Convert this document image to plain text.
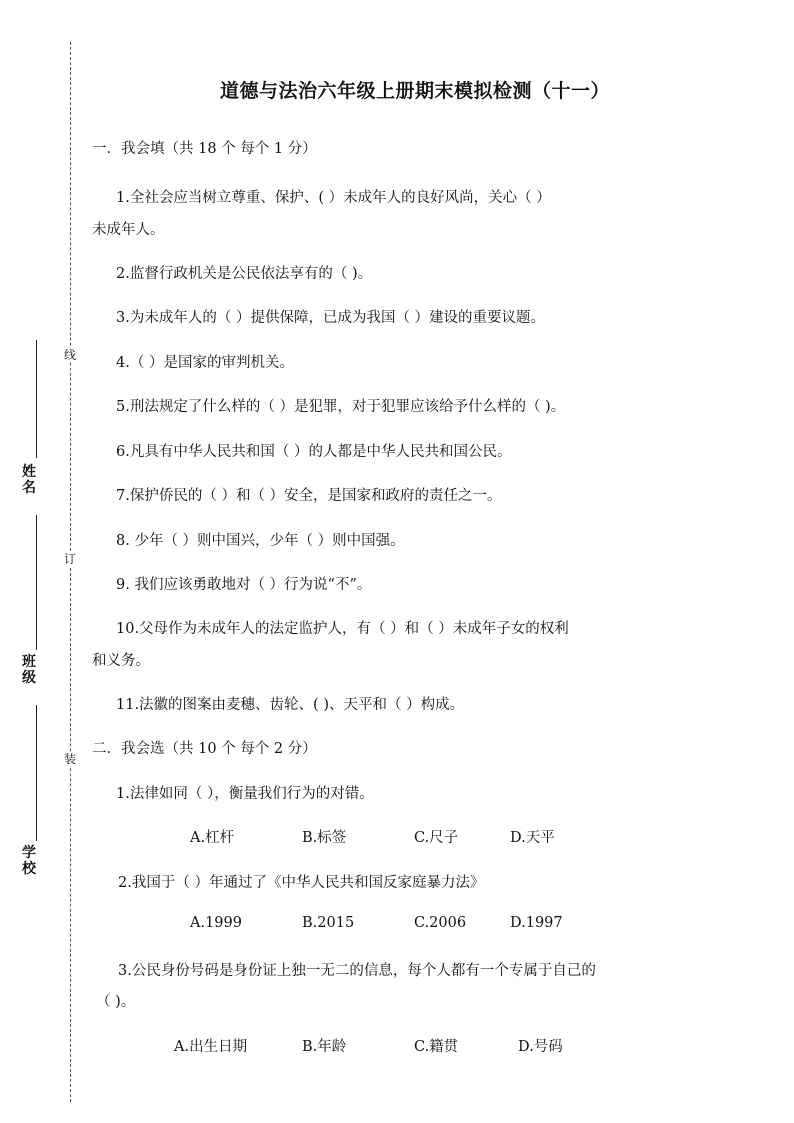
线
订
装
姓名
班级
学校
道德与法治六年级上册期末模拟检测（十一）
一．我会填（共 18 个 每个 1 分）
1.全社会应当树立尊重、保护、( ）未成年人的良好风尚，关心（ ）
未成年人。
2.监督行政机关是公民依法享有的（ )。
3.为未成年人的（ ）提供保障，已成为我国（ ）建设的重要议题。
4.（ ）是国家的审判机关。
5.刑法规定了什么样的（ ）是犯罪，对于犯罪应该给予什么样的（ )。
6.凡具有中华人民共和国（ ）的人都是中华人民共和国公民。
7.保护侨民的（ ）和（ ）安全，是国家和政府的责任之一。
8. 少年（ ）则中国兴，少年（ ）则中国强。
9. 我们应该勇敢地对（ ）行为说“不”。
10.父母作为未成年人的法定监护人，有（ ）和（ ）未成年子女的权利
和义务。
11.法徽的图案由麦穗、齿轮、( )、天平和（ ）构成。
二．我会选（共 10 个 每个 2 分）
1.法律如同（ ），衡量我们行为的对错。
A.杠杆	B.标签	C.尺子	D.天平
2.我国于（ ）年通过了《中华人民共和国反家庭暴力法》
A.1999	B.2015	C.2006	D.1997
3.公民身份号码是身份证上独一无二的信息，每个人都有一个专属于自己的
（ )。
A.出生日期	B.年龄	C.籍贯	D.号码
